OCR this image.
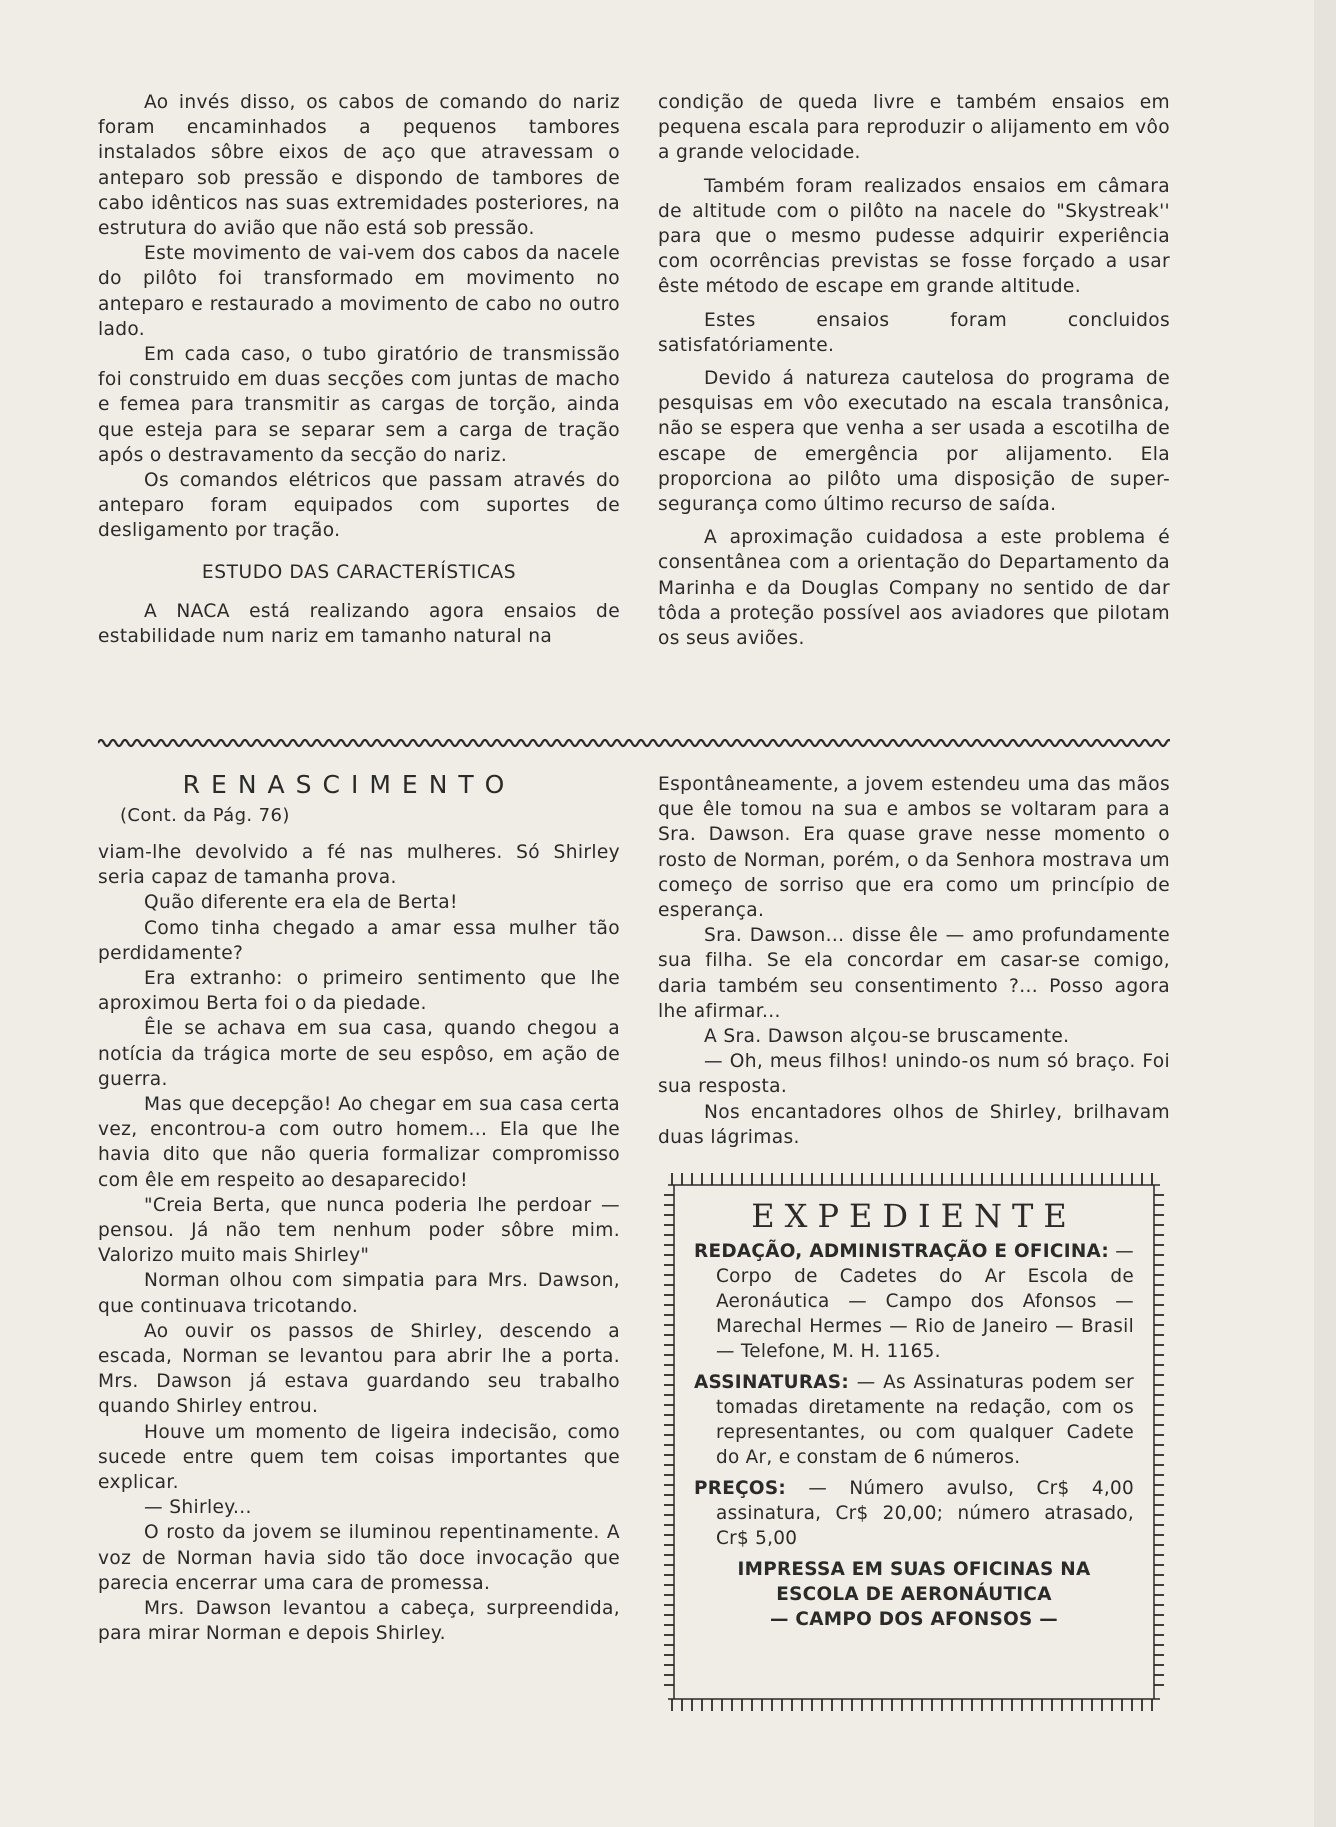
Ao invés disso, os cabos de comando do nariz foram encaminhados a pequenos tambores instalados sôbre eixos de aço que atravessam o anteparo sob pressão e dispondo de tambores de cabo idênticos nas suas extremidades posteriores, na estrutura do avião que não está sob pressão.

Este movimento de vai-vem dos cabos da nacele do pilôto foi transformado em movimento no anteparo e restaurado a movimento de cabo no outro lado.

Em cada caso, o tubo giratório de transmissão foi construido em duas secções com juntas de macho e femea para transmitir as cargas de torção, ainda que esteja para se separar sem a carga de tração após o destravamento da secção do nariz.

Os comandos elétricos que passam através do anteparo foram equipados com suportes de desligamento por tração.

ESTUDO DAS CARACTERÍSTICAS

A NACA está realizando agora ensaios de estabilidade num nariz em tamanho natural na

condição de queda livre e também ensaios em pequena escala para reproduzir o alijamento em vôo a grande velocidade.

Também foram realizados ensaios em câmara de altitude com o pilôto na nacele do "Skystreak'' para que o mesmo pudesse adquirir experiência com ocorrências previstas se fosse forçado a usar êste método de escape em grande altitude.

Estes ensaios foram concluidos satisfatóriamente.

Devido á natureza cautelosa do programa de pesquisas em vôo executado na escala transônica, não se espera que venha a ser usada a escotilha de escape de emergência por alijamento. Ela proporciona ao pilôto uma disposição de super-segurança como último recurso de saída.

A aproximação cuidadosa a este problema é consentânea com a orientação do Departamento da Marinha e da Douglas Company no sentido de dar tôda a proteção possível aos aviadores que pilotam os seus aviões.

RENASCIMENTO
(Cont. da Pág. 76)

viam-lhe devolvido a fé nas mulheres. Só Shirley seria capaz de tamanha prova.

Quão diferente era ela de Berta!

Como tinha chegado a amar essa mulher tão perdidamente?

Era extranho: o primeiro sentimento que lhe aproximou Berta foi o da piedade.

Êle se achava em sua casa, quando chegou a notícia da trágica morte de seu espôso, em ação de guerra.

Mas que decepção! Ao chegar em sua casa certa vez, encontrou-a com outro homem... Ela que lhe havia dito que não queria formalizar compromisso com êle em respeito ao desaparecido!

"Creia Berta, que nunca poderia lhe perdoar — pensou. Já não tem nenhum poder sôbre mim. Valorizo muito mais Shirley"

Norman olhou com simpatia para Mrs. Dawson, que continuava tricotando.

Ao ouvir os passos de Shirley, descendo a escada, Norman se levantou para abrir lhe a porta. Mrs. Dawson já estava guardando seu trabalho quando Shirley entrou.

Houve um momento de ligeira indecisão, como sucede entre quem tem coisas importantes que explicar.

— Shirley...

O rosto da jovem se iluminou repentinamente. A voz de Norman havia sido tão doce invocação que parecia encerrar uma cara de promessa.

Mrs. Dawson levantou a cabeça, surpreendida, para mirar Norman e depois Shirley.

Espontâneamente, a jovem estendeu uma das mãos que êle tomou na sua e ambos se voltaram para a Sra. Dawson. Era quase grave nesse momento o rosto de Norman, porém, o da Senhora mostrava um começo de sorriso que era como um princípio de esperança.

Sra. Dawson... disse êle — amo profundamente sua filha. Se ela concordar em casar-se comigo, daria também seu consentimento ?... Posso agora lhe afirmar...

A Sra. Dawson alçou-se bruscamente.

— Oh, meus filhos! unindo-os num só braço. Foi sua resposta.

Nos encantadores olhos de Shirley, brilhavam duas lágrimas.

EXPEDIENTE

REDAÇÃO, ADMINISTRAÇÃO E OFICINA: — Corpo de Cadetes do Ar Escola de Aeronáutica — Campo dos Afonsos — Marechal Hermes — Rio de Janeiro — Brasil — Telefone, M. H. 1165.

ASSINATURAS: — As Assinaturas podem ser tomadas diretamente na redação, com os representantes, ou com qualquer Cadete do Ar, e constam de 6 números.

PREÇOS: — Número avulso, Cr$ 4,00 assinatura, Cr$ 20,00; número atrasado, Cr$ 5,00

IMPRESSA EM SUAS OFICINAS NA

ESCOLA DE AERONÁUTICA

— CAMPO DOS AFONSOS —
